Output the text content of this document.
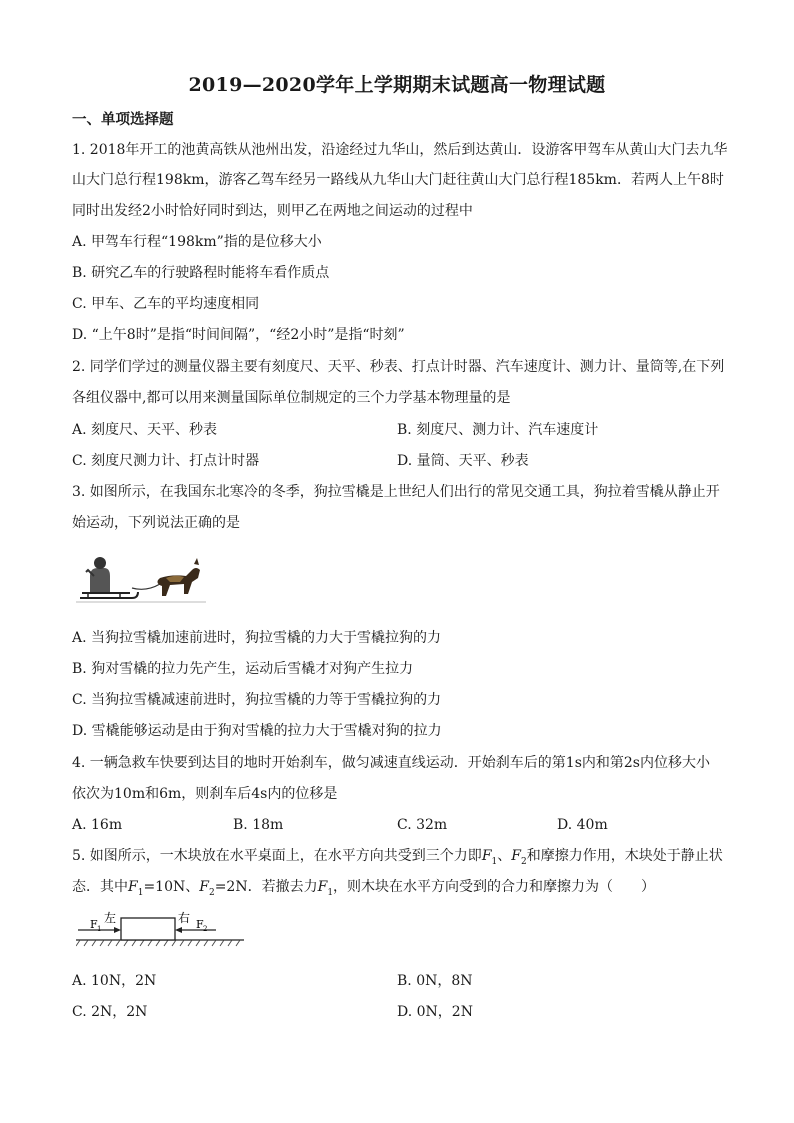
2019—2020学年上学期期末试题高一物理试题
一、单项选择题
1. 2018年开工的池黄高铁从池州出发，沿途经过九华山，然后到达黄山．设游客甲驾车从黄山大门去九华
山大门总行程198km，游客乙驾车经另一路线从九华山大门赶往黄山大门总行程185km．若两人上午8时
同时出发经2小时恰好同时到达，则甲乙在两地之间运动的过程中
A. 甲驾车行程“198km”指的是位移大小
B. 研究乙车的行驶路程时能将车看作质点
C. 甲车、乙车的平均速度相同
D. “上午8时”是指“时间间隔”，“经2小时”是指“时刻”
2. 同学们学过的测量仪器主要有刻度尺、天平、秒表、打点计时器、汽车速度计、测力计、量筒等,在下列
各组仪器中,都可以用来测量国际单位制规定的三个力学基本物理量的是
A. 刻度尺、天平、秒表	B. 刻度尺、测力计、汽车速度计
C. 刻度尺测力计、打点计时器	D. 量筒、天平、秒表
3. 如图所示，在我国东北寒冷的冬季，狗拉雪橇是上世纪人们出行的常见交通工具，狗拉着雪橇从静止开
始运动，下列说法正确的是
A. 当狗拉雪橇加速前进时，狗拉雪橇的力大于雪橇拉狗的力
B. 狗对雪橇的拉力先产生，运动后雪橇才对狗产生拉力
C. 当狗拉雪橇减速前进时，狗拉雪橇的力等于雪橇拉狗的力
D. 雪橇能够运动是由于狗对雪橇的拉力大于雪橇对狗的拉力
4. 一辆急救车快要到达目的地时开始刹车，做匀减速直线运动．开始刹车后的第1s内和第2s内位移大小
依次为10m和6m，则刹车后4s内的位移是
A. 16m	B. 18m	C. 32m	D. 40m
5. 如图所示，一木块放在水平桌面上，在水平方向共受到三个力即$F_1$、$F_2$和摩擦力作用，木块处于静止状
态．其中$F_1=10N$、$F_2=2N$．若撤去力$F_1$，则木块在水平方向受到的合力和摩擦力为（　　）
F 1
左	右 F 2
A. 10N，2N	B. 0N，8N
C. 2N，2N	D. 0N，2N
